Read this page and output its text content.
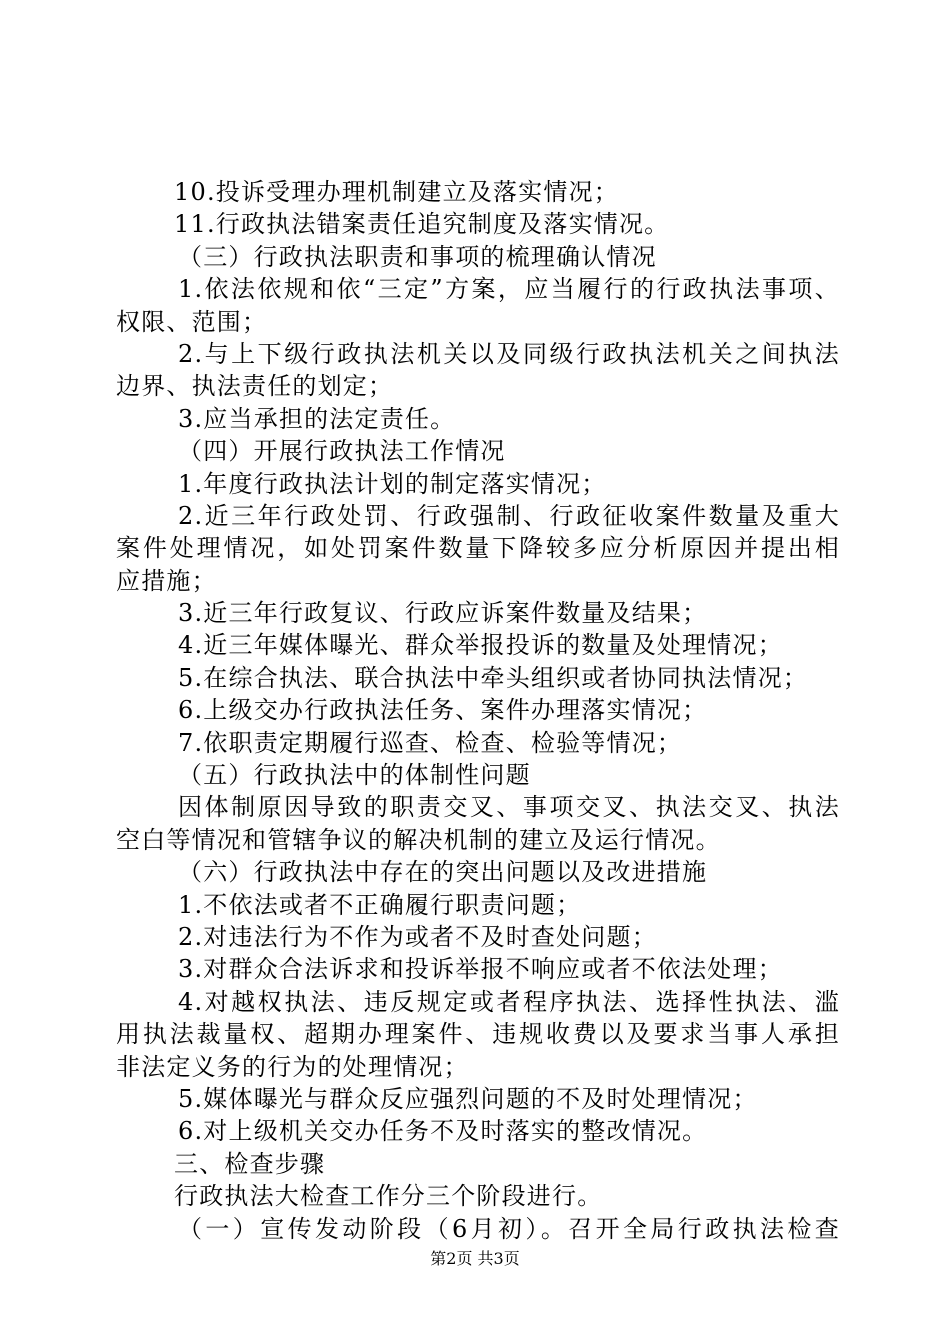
10.投诉受理办理机制建立及落实情况；
11.行政执法错案责任追究制度及落实情况。
（三）行政执法职责和事项的梳理确认情况
1.依法依规和依“三定”方案，应当履行的行政执法事项、
权限、范围；
2.与上下级行政执法机关以及同级行政执法机关之间执法
边界、执法责任的划定；
3.应当承担的法定责任。
（四）开展行政执法工作情况
1.年度行政执法计划的制定落实情况；
2.近三年行政处罚、行政强制、行政征收案件数量及重大
案件处理情况，如处罚案件数量下降较多应分析原因并提出相
应措施；
3.近三年行政复议、行政应诉案件数量及结果；
4.近三年媒体曝光、群众举报投诉的数量及处理情况；
5.在综合执法、联合执法中牵头组织或者协同执法情况；
6.上级交办行政执法任务、案件办理落实情况；
7.依职责定期履行巡查、检查、检验等情况；
（五）行政执法中的体制性问题
因体制原因导致的职责交叉、事项交叉、执法交叉、执法
空白等情况和管辖争议的解决机制的建立及运行情况。
（六）行政执法中存在的突出问题以及改进措施
1.不依法或者不正确履行职责问题；
2.对违法行为不作为或者不及时查处问题；
3.对群众合法诉求和投诉举报不响应或者不依法处理；
4.对越权执法、违反规定或者程序执法、选择性执法、滥
用执法裁量权、超期办理案件、违规收费以及要求当事人承担
非法定义务的行为的处理情况；
5.媒体曝光与群众反应强烈问题的不及时处理情况；
6.对上级机关交办任务不及时落实的整改情况。
三、检查步骤
行政执法大检查工作分三个阶段进行。
（一）宣传发动阶段（6月初）。召开全局行政执法检查
第2页 共3页
